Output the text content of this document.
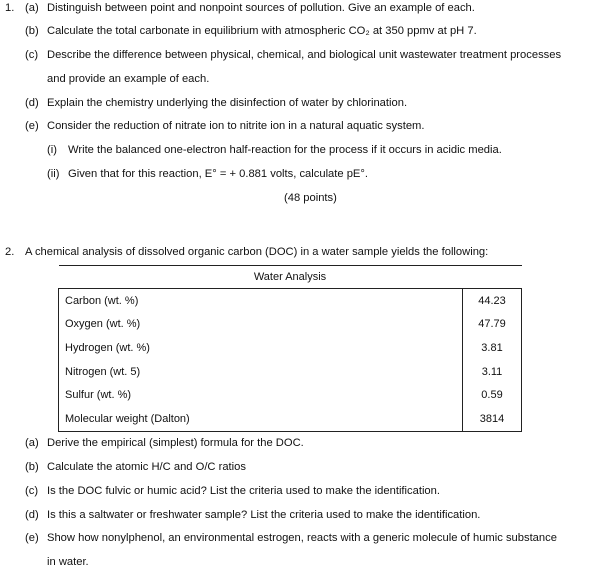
1. (a) Distinguish between point and nonpoint sources of pollution. Give an example of each.
(b) Calculate the total carbonate in equilibrium with atmospheric CO₂ at 350 ppmv at pH 7.
(c) Describe the difference between physical, chemical, and biological unit wastewater treatment processes
and provide an example of each.
(d) Explain the chemistry underlying the disinfection of water by chlorination.
(e) Consider the reduction of nitrate ion to nitrite ion in a natural aquatic system.
(i) Write the balanced one-electron half-reaction for the process if it occurs in acidic media.
(ii) Given that for this reaction, E° = + 0.881 volts, calculate pE°.
(48 points)
2. A chemical analysis of dissolved organic carbon (DOC) in a water sample yields the following:
Water Analysis	
Carbon (wt. %)	44.23
Oxygen (wt. %)	47.79
Hydrogen (wt. %)	3.81
Nitrogen (wt. 5)	3.11
Sulfur (wt. %)	0.59
Molecular weight (Dalton)	3814
(a) Derive the empirical (simplest) formula for the DOC.
(b) Calculate the atomic H/C and O/C ratios
(c) Is the DOC fulvic or humic acid? List the criteria used to make the identification.
(d) Is this a saltwater or freshwater sample? List the criteria used to make the identification.
(e) Show how nonylphenol, an environmental estrogen, reacts with a generic molecule of humic substance
in water.
